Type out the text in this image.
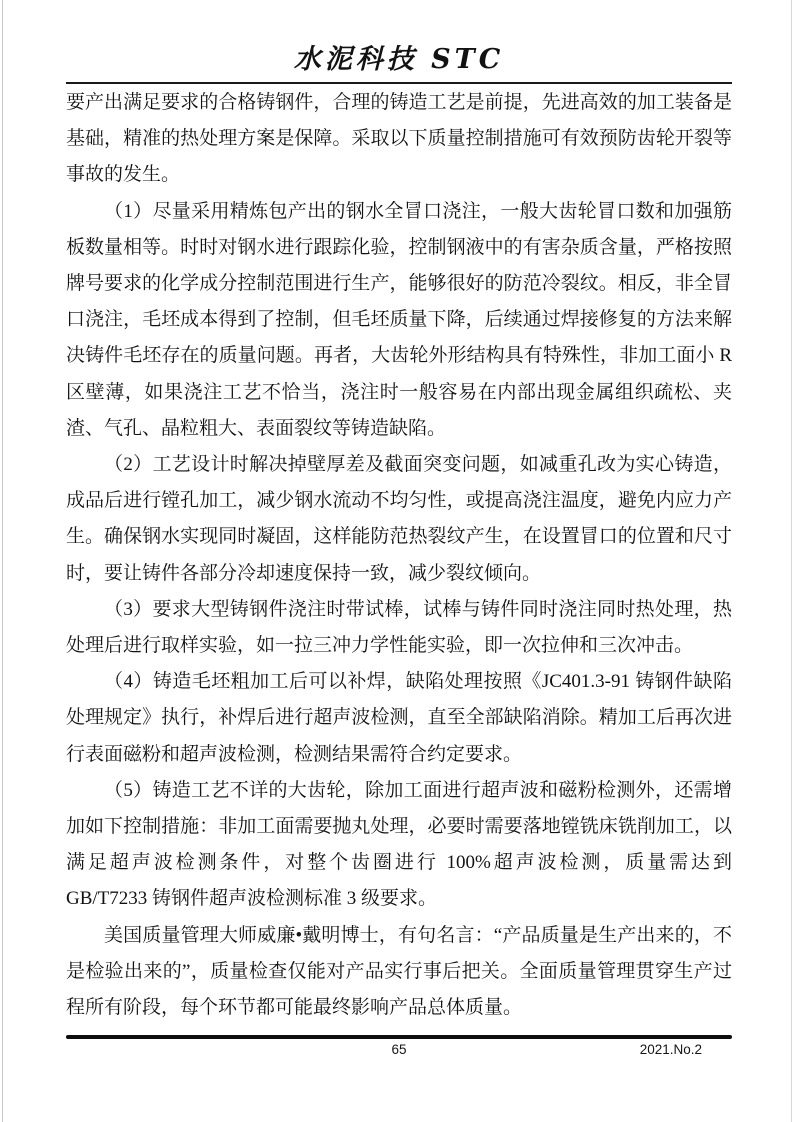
水泥科技 STC

要产出满足要求的合格铸钢件，合理的铸造工艺是前提，先进高效的加工装备是基础，精准的热处理方案是保障。采取以下质量控制措施可有效预防齿轮开裂等事故的发生。

（1）尽量采用精炼包产出的钢水全冒口浇注，一般大齿轮冒口数和加强筋板数量相等。时时对钢水进行跟踪化验，控制钢液中的有害杂质含量，严格按照牌号要求的化学成分控制范围进行生产，能够很好的防范冷裂纹。相反，非全冒口浇注，毛坯成本得到了控制，但毛坯质量下降，后续通过焊接修复的方法来解决铸件毛坯存在的质量问题。再者，大齿轮外形结构具有特殊性，非加工面小 R 区壁薄，如果浇注工艺不恰当，浇注时一般容易在内部出现金属组织疏松、夹渣、气孔、晶粒粗大、表面裂纹等铸造缺陷。

（2）工艺设计时解决掉壁厚差及截面突变问题，如减重孔改为实心铸造，成品后进行镗孔加工，减少钢水流动不均匀性，或提高浇注温度，避免内应力产生。确保钢水实现同时凝固，这样能防范热裂纹产生，在设置冒口的位置和尺寸时，要让铸件各部分冷却速度保持一致，减少裂纹倾向。

（3）要求大型铸钢件浇注时带试棒，试棒与铸件同时浇注同时热处理，热处理后进行取样实验，如一拉三冲力学性能实验，即一次拉伸和三次冲击。

（4）铸造毛坯粗加工后可以补焊，缺陷处理按照《JC401.3-91 铸钢件缺陷处理规定》执行，补焊后进行超声波检测，直至全部缺陷消除。精加工后再次进行表面磁粉和超声波检测，检测结果需符合约定要求。

（5）铸造工艺不详的大齿轮，除加工面进行超声波和磁粉检测外，还需增加如下控制措施：非加工面需要抛丸处理，必要时需要落地镗铣床铣削加工，以满足超声波检测条件，对整个齿圈进行 100%超声波检测，质量需达到 GB/T7233 铸钢件超声波检测标准 3 级要求。

美国质量管理大师威廉•戴明博士，有句名言：“产品质量是生产出来的，不是检验出来的”，质量检查仅能对产品实行事后把关。全面质量管理贯穿生产过程所有阶段，每个环节都可能最终影响产品总体质量。

65	2021.No.2
